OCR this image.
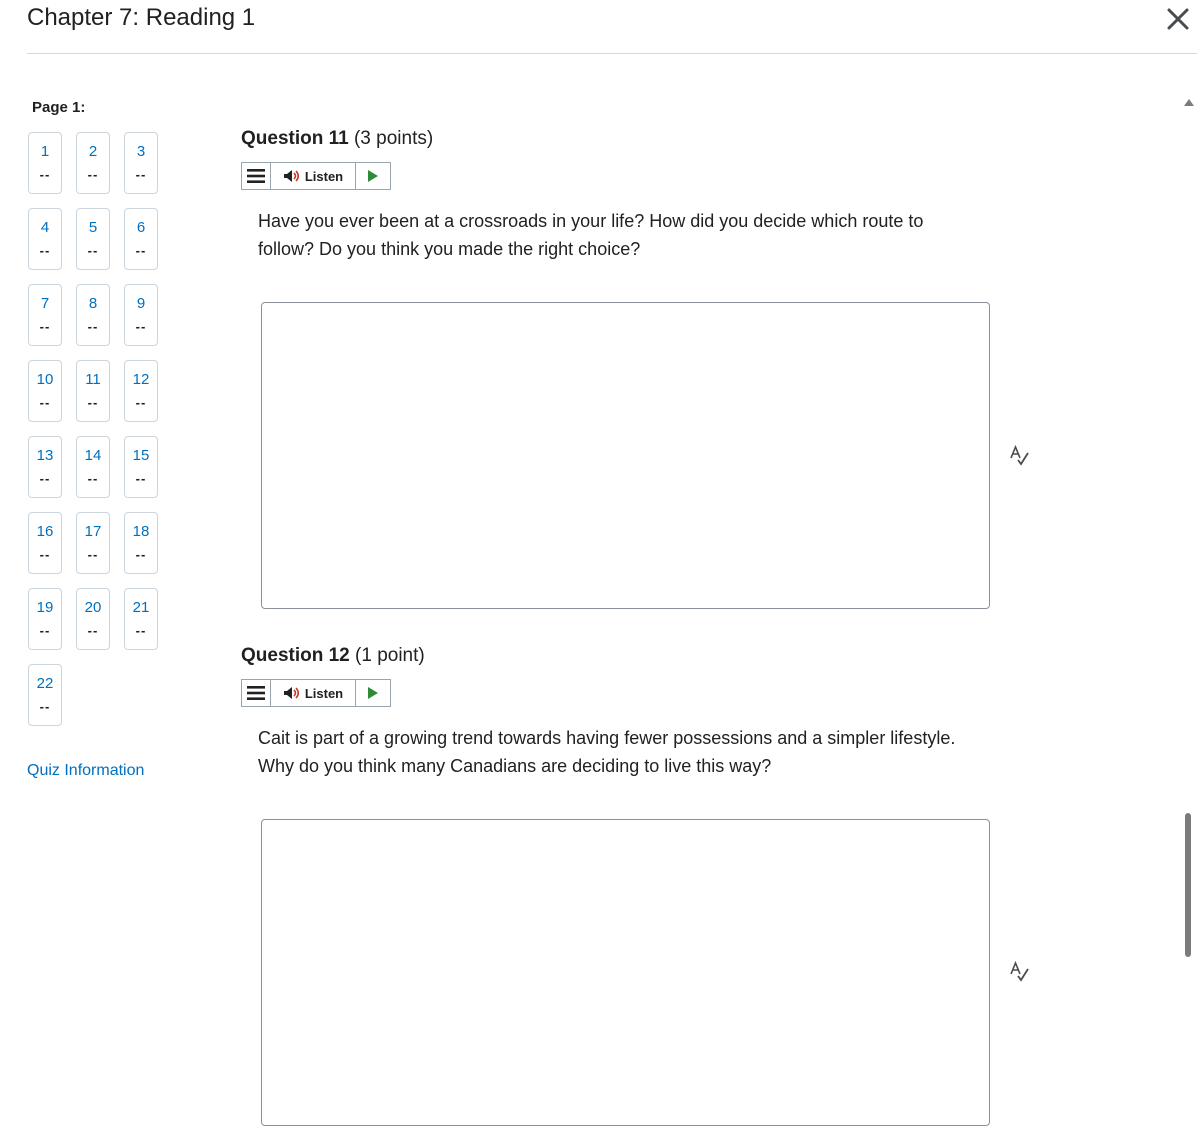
Chapter 7: Reading 1
Page 1:
1
--
2
--
3
--
4
--
5
--
6
--
7
--
8
--
9
--
10
--
11
--
12
--
13
--
14
--
15
--
16
--
17
--
18
--
19
--
20
--
21
--
22
--
Quiz Information
Question 11 (3 points)
Listen
Have you ever been at a crossroads in your life? How did you decide which route to follow? Do you think you made the right choice?
Question 12 (1 point)
Listen
Cait is part of a growing trend towards having fewer possessions and a simpler lifestyle. Why do you think many Canadians are deciding to live this way?
